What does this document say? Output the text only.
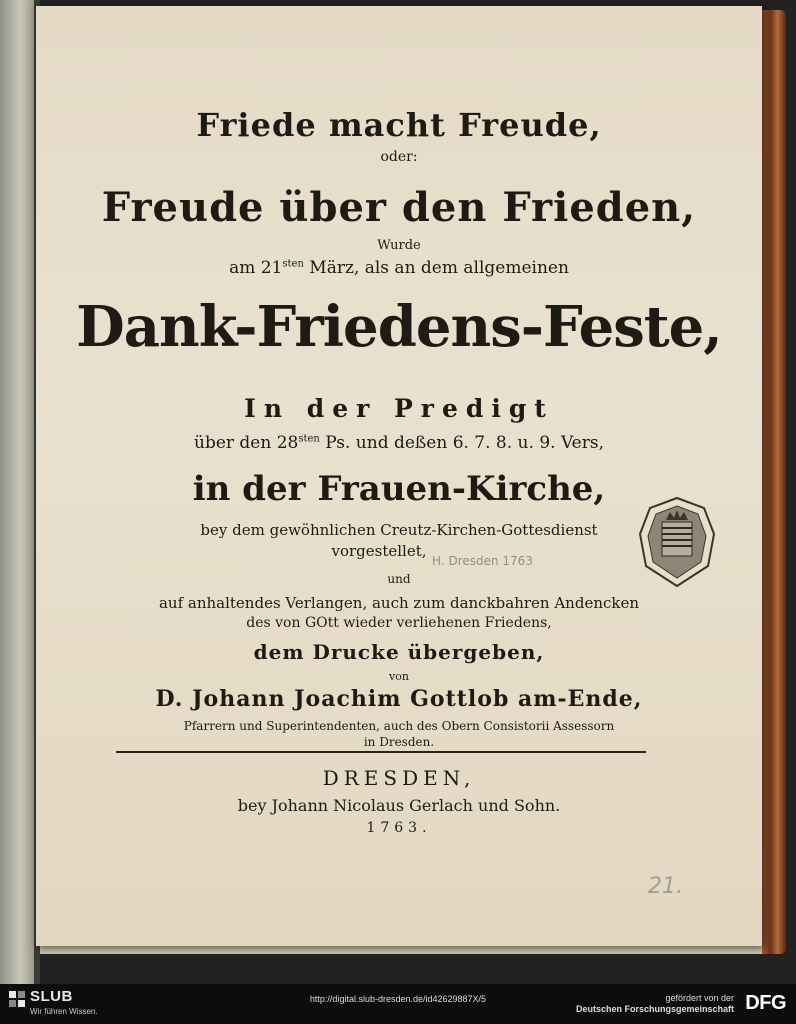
Friede macht Freude,
oder:
Freude über den Frieden,
Wurde
am $21^{sten}$ März, als an dem allgemeinen
Dank-Friedens-Feste,
In der Predigt
über den $28^{sten}$ Ps. und deßen 6. 7. 8. u. 9. Vers,
in der Frauen-Kirche,
bey dem gewöhnlichen Creutz-Kirchen-Gottesdienst
vorgestellet,
und
auf anhaltendes Verlangen, auch zum danckbahren Andencken
des von GOtt wieder verliehenen Friedens,
dem Drucke übergeben,
von
D. Johann Joachim Gottlob am-Ende,
Pfarrern und Superintendenten, auch des Obern Consistorii Assessorn
in Dresden.
DRESDEN,
bey Johann Nicolaus Gerlach und Sohn.
1763.
H. Dresden 1763
21.
SLUB
Wir führen Wissen.
http://digital.slub-dresden.de/id42629887X/5	gefördert von der
Deutschen Forschungsgemeinschaft DFG
